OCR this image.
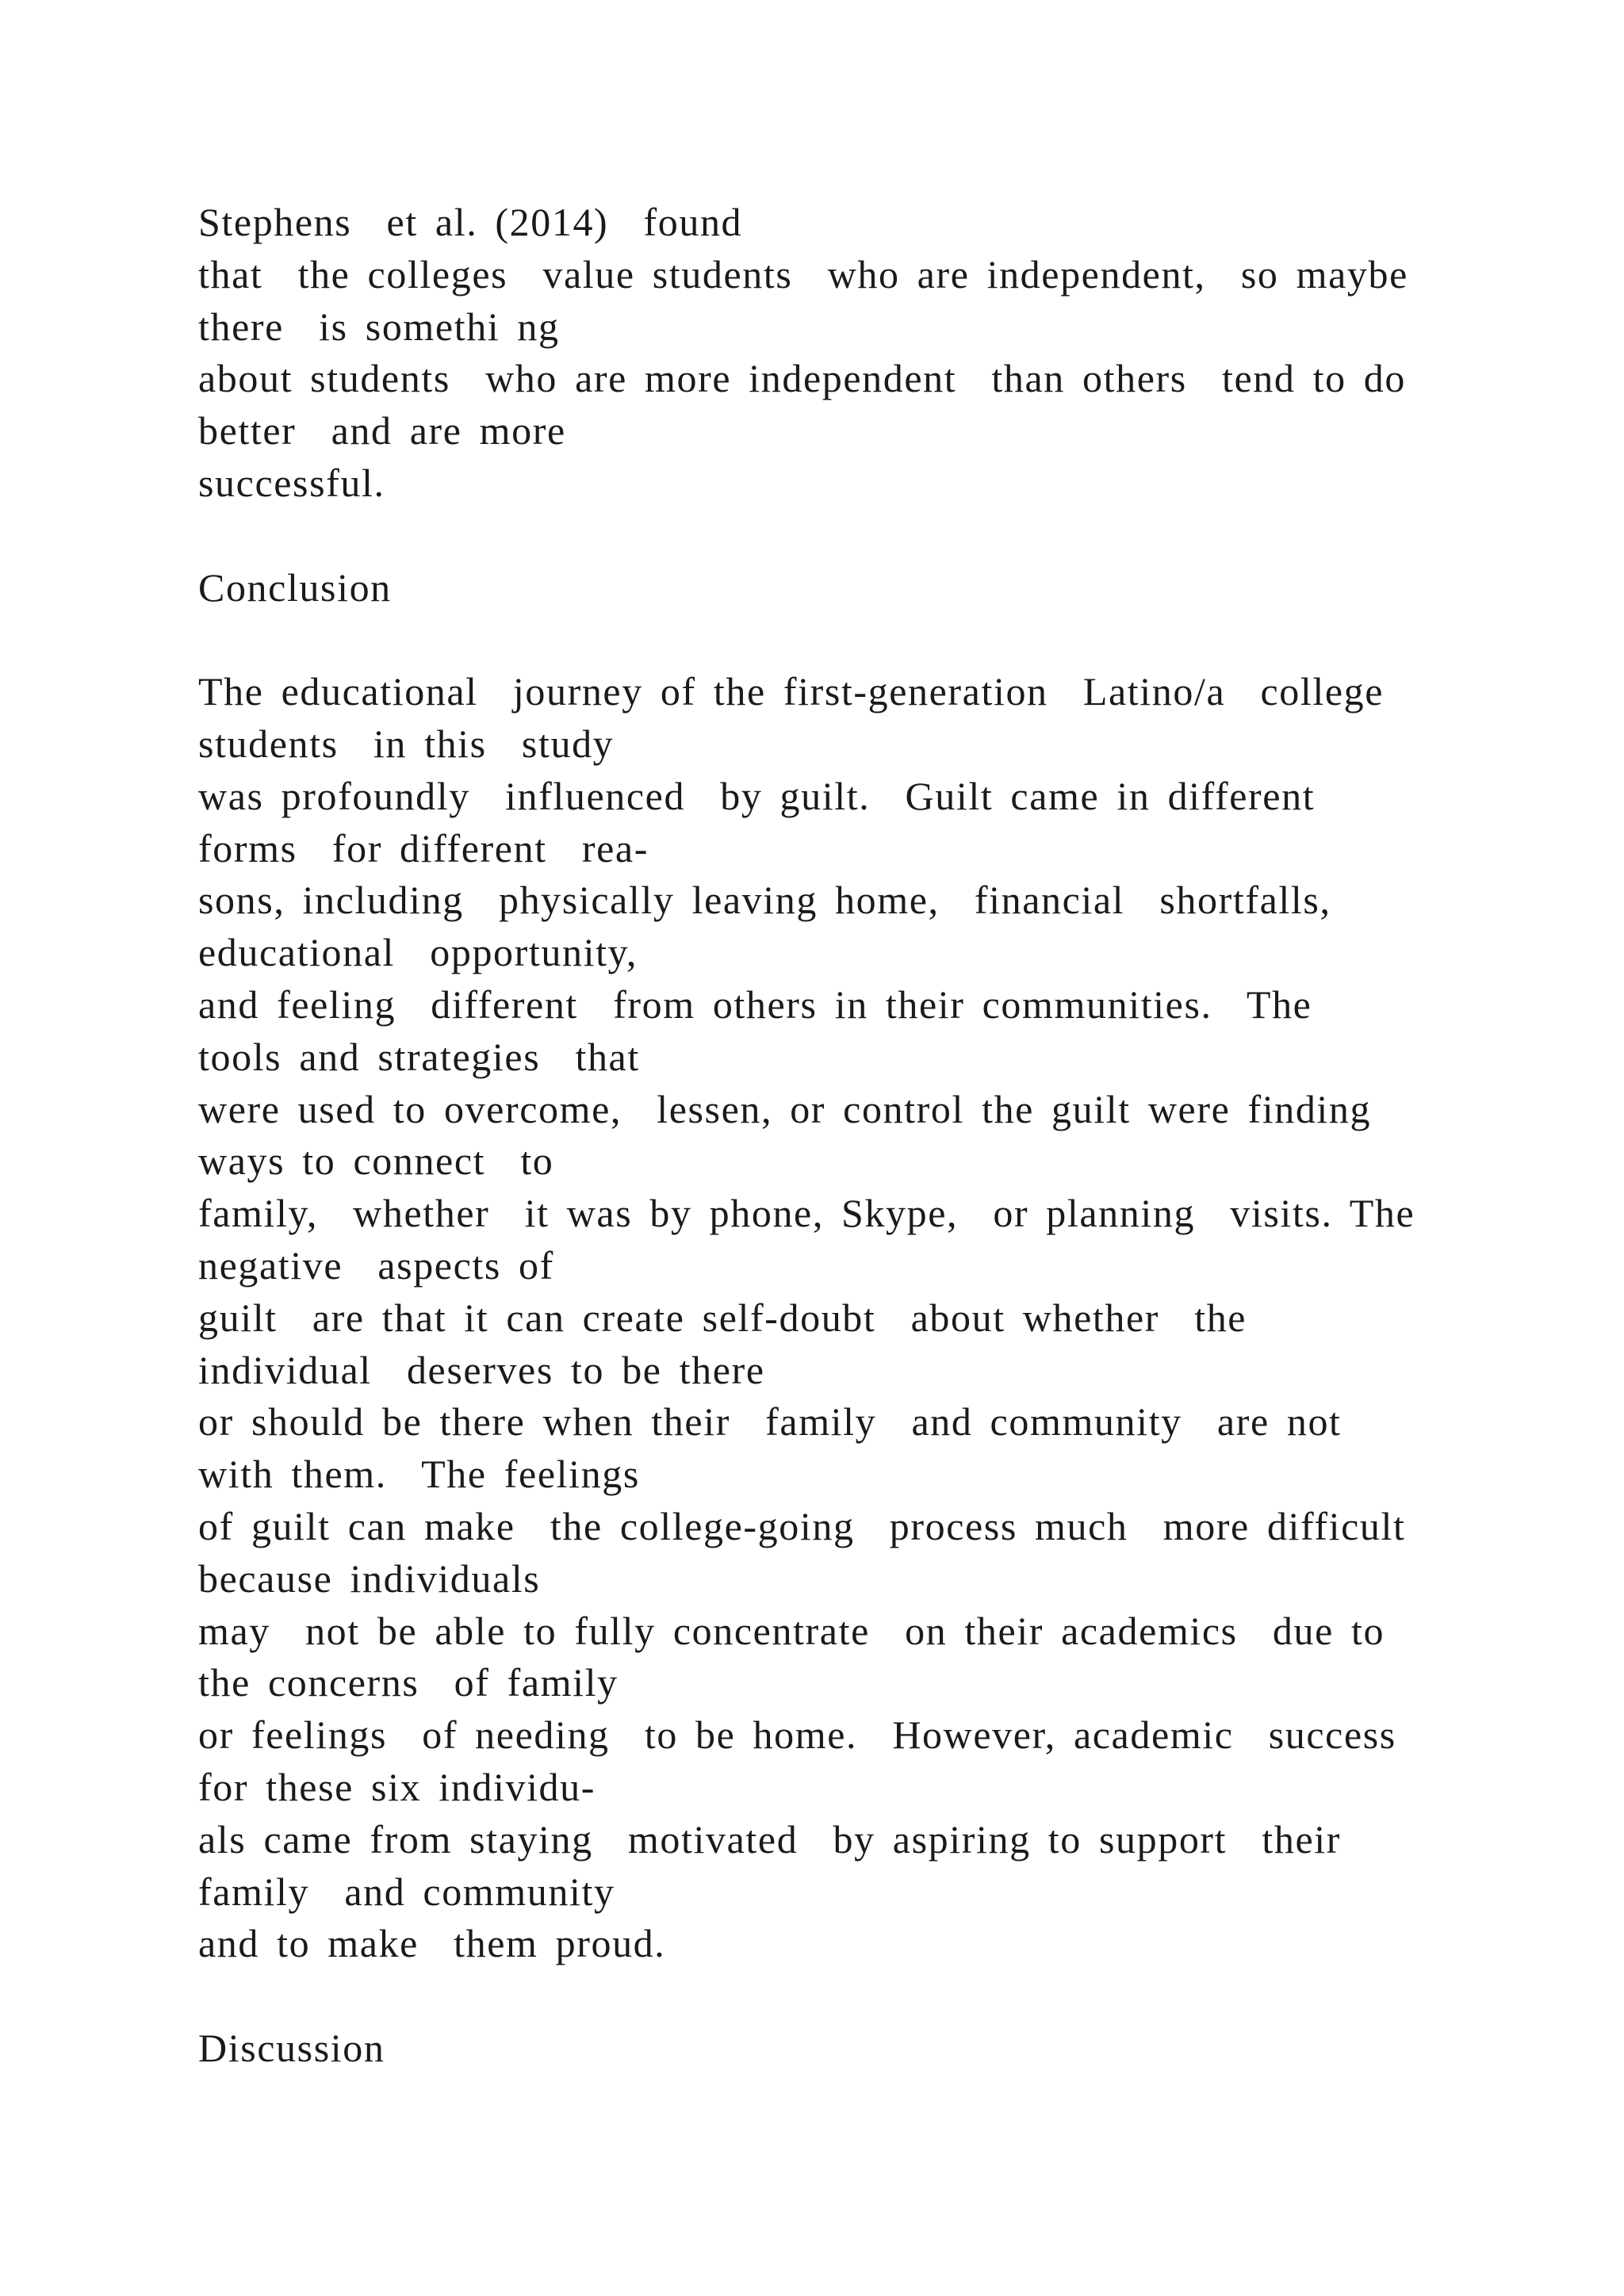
Stephens  et al. (2014)  found
that  the colleges  value students  who are independent,  so maybe
there  is somethi ng
about students  who are more independent  than others  tend to do
better  and are more
successful.
Conclusion
The educational  journey of the first-generation  Latino/a  college
students  in this  study
was profoundly  influenced  by guilt.  Guilt came in different
forms  for different  rea-
sons, including  physically leaving home,  financial  shortfalls,
educational  opportunity,
and feeling  different  from others in their communities.  The
tools and strategies  that
were used to overcome,  lessen, or control the guilt were finding
ways to connect  to
family,  whether  it was by phone, Skype,  or planning  visits. The
negative  aspects of
guilt  are that it can create self-doubt  about whether  the
individual  deserves to be there
or should be there when their  family  and community  are not
with them.  The feelings
of guilt can make  the college-going  process much  more difficult
because individuals
may  not be able to fully concentrate  on their academics  due to
the concerns  of family
or feelings  of needing  to be home.  However, academic  success
for these six individu-
als came from staying  motivated  by aspiring to support  their
family  and community
and to make  them proud.
Discussion
